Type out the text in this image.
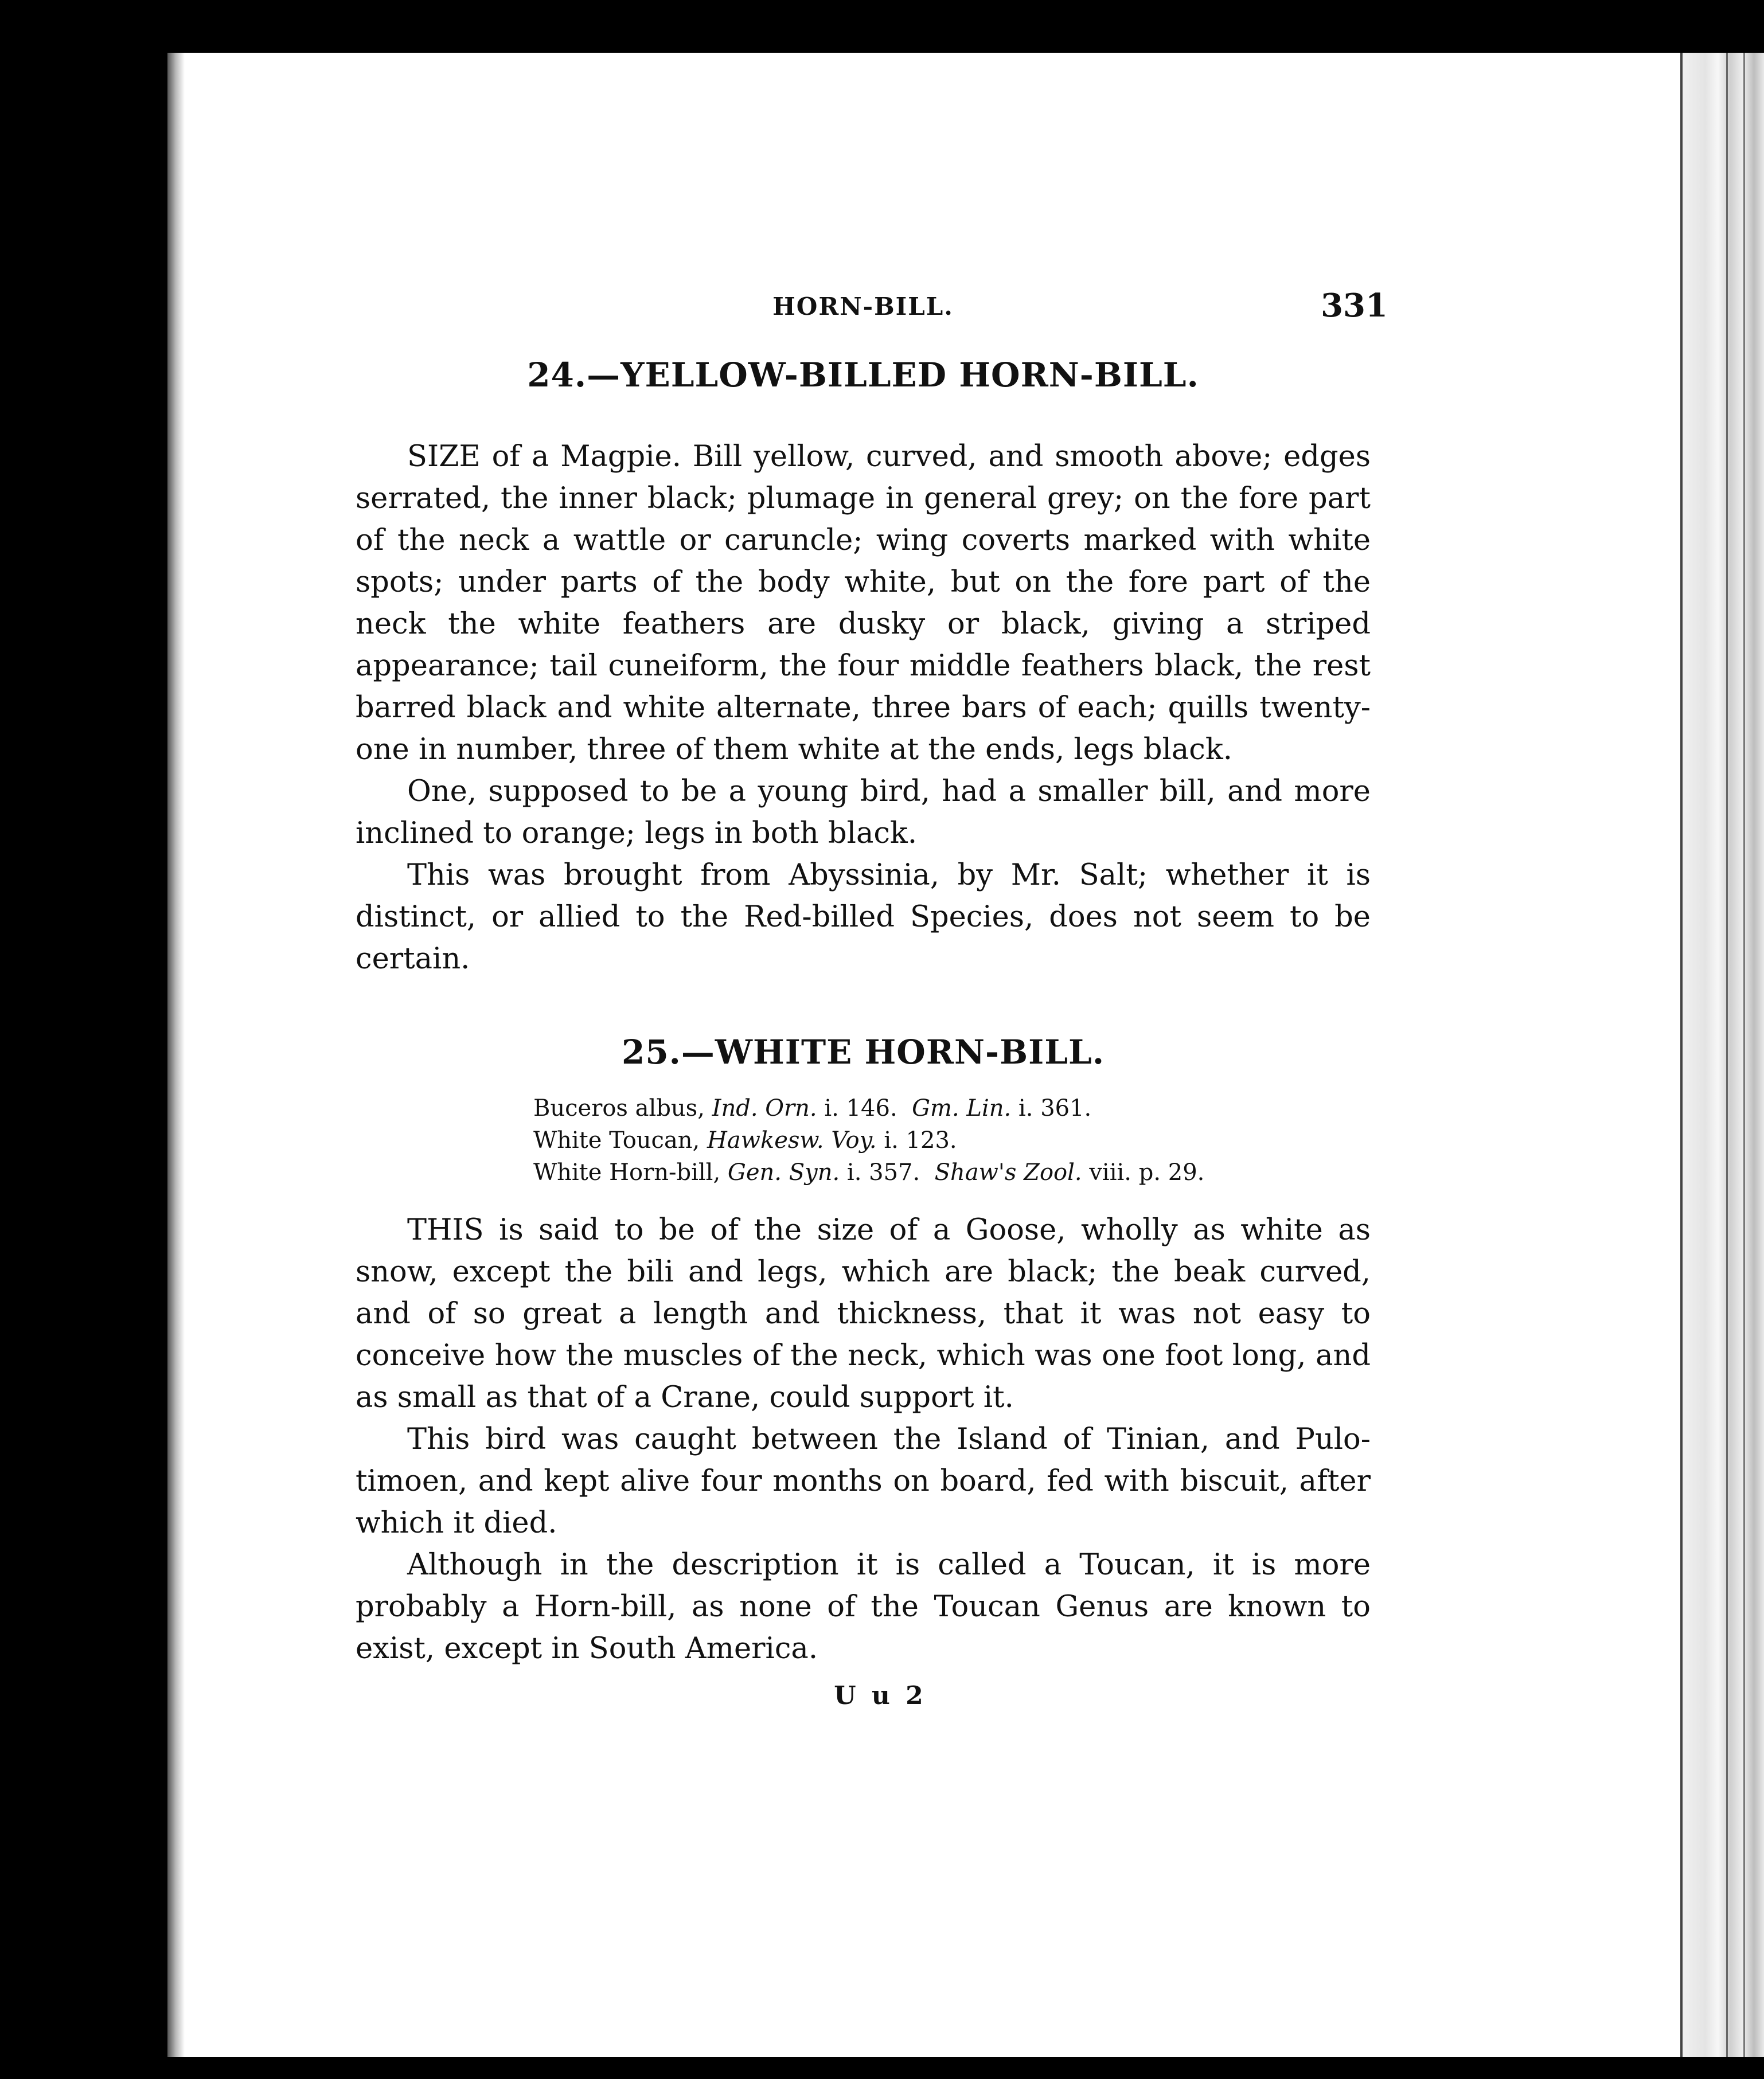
HORN-BILL.	331
24.—YELLOW-BILLED HORN-BILL.

SIZE of a Magpie. Bill yellow, curved, and smooth above; edges serrated, the inner black; plumage in general grey; on the fore part of the neck a wattle or caruncle; wing coverts marked with white spots; under parts of the body white, but on the fore part of the neck the white feathers are dusky or black, giving a striped appearance; tail cuneiform, the four middle feathers black, the rest barred black and white alternate, three bars of each; quills twenty-one in number, three of them white at the ends, legs black.

One, supposed to be a young bird, had a smaller bill, and more inclined to orange; legs in both black.

This was brought from Abyssinia, by Mr. Salt; whether it is distinct, or allied to the Red-billed Species, does not seem to be certain.

25.—WHITE HORN-BILL.
Buceros albus, Ind. Orn. i. 146.  Gm. Lin. i. 361.
White Toucan, Hawkesw. Voy. i. 123.
White Horn-bill, Gen. Syn. i. 357.  Shaw's Zool. viii. p. 29.

THIS is said to be of the size of a Goose, wholly as white as snow, except the bili and legs, which are black; the beak curved, and of so great a length and thickness, that it was not easy to conceive how the muscles of the neck, which was one foot long, and as small as that of a Crane, could support it.

This bird was caught between the Island of Tinian, and Pulo-timoen, and kept alive four months on board, fed with biscuit, after which it died.

Although in the description it is called a Toucan, it is more probably a Horn-bill, as none of the Toucan Genus are known to exist, except in South America.

U u 2
